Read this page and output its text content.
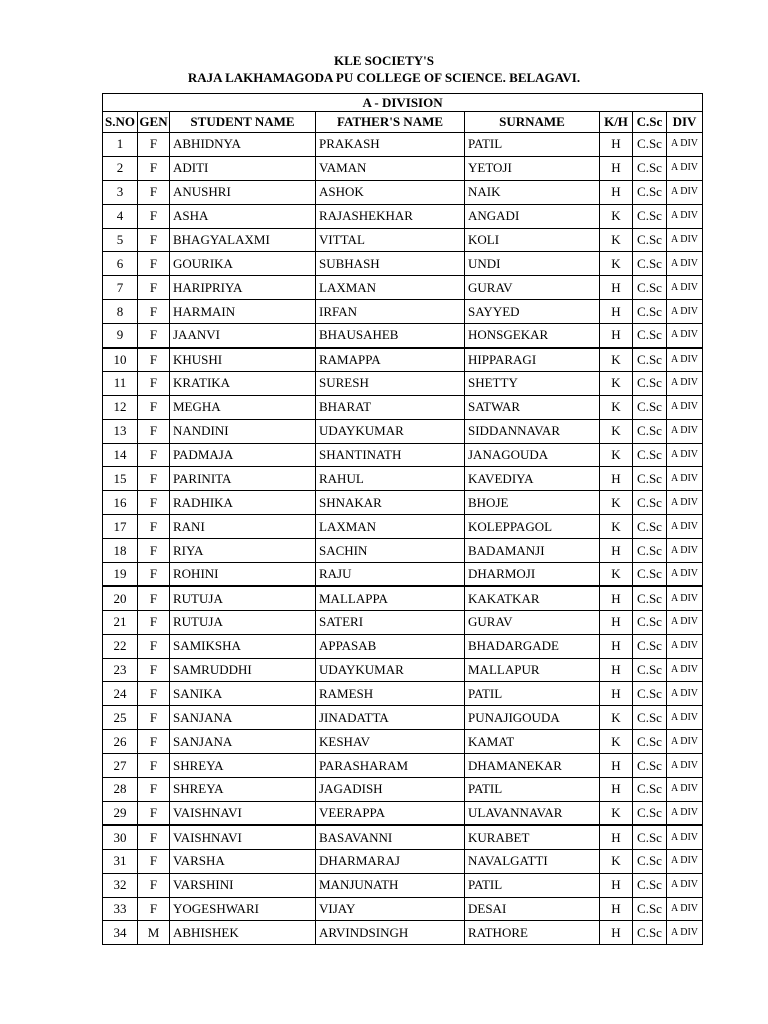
KLE SOCIETY'S
RAJA LAKHAMAGODA PU COLLEGE OF SCIENCE. BELAGAVI.
A - DIVISION							
S.NO	GEN	STUDENT NAME	FATHER'S NAME	SURNAME	K/H	C.Sc	DIV
1	F	ABHIDNYA	PRAKASH	PATIL	H	C.Sc	A DIV
2	F	ADITI	VAMAN	YETOJI	H	C.Sc	A DIV
3	F	ANUSHRI	ASHOK	NAIK	H	C.Sc	A DIV
4	F	ASHA	RAJASHEKHAR	ANGADI	K	C.Sc	A DIV
5	F	BHAGYALAXMI	VITTAL	KOLI	K	C.Sc	A DIV
6	F	GOURIKA	SUBHASH	UNDI	K	C.Sc	A DIV
7	F	HARIPRIYA	LAXMAN	GURAV	H	C.Sc	A DIV
8	F	HARMAIN	IRFAN	SAYYED	H	C.Sc	A DIV
9	F	JAANVI	BHAUSAHEB	HONSGEKAR	H	C.Sc	A DIV
10	F	KHUSHI	RAMAPPA	HIPPARAGI	K	C.Sc	A DIV
11	F	KRATIKA	SURESH	SHETTY	K	C.Sc	A DIV
12	F	MEGHA	BHARAT	SATWAR	K	C.Sc	A DIV
13	F	NANDINI	UDAYKUMAR	SIDDANNAVAR	K	C.Sc	A DIV
14	F	PADMAJA	SHANTINATH	JANAGOUDA	K	C.Sc	A DIV
15	F	PARINITA	RAHUL	KAVEDIYA	H	C.Sc	A DIV
16	F	RADHIKA	SHNAKAR	BHOJE	K	C.Sc	A DIV
17	F	RANI	LAXMAN	KOLEPPAGOL	K	C.Sc	A DIV
18	F	RIYA	SACHIN	BADAMANJI	H	C.Sc	A DIV
19	F	ROHINI	RAJU	DHARMOJI	K	C.Sc	A DIV
20	F	RUTUJA	MALLAPPA	KAKATKAR	H	C.Sc	A DIV
21	F	RUTUJA	SATERI	GURAV	H	C.Sc	A DIV
22	F	SAMIKSHA	APPASAB	BHADARGADE	H	C.Sc	A DIV
23	F	SAMRUDDHI	UDAYKUMAR	MALLAPUR	H	C.Sc	A DIV
24	F	SANIKA	RAMESH	PATIL	H	C.Sc	A DIV
25	F	SANJANA	JINADATTA	PUNAJIGOUDA	K	C.Sc	A DIV
26	F	SANJANA	KESHAV	KAMAT	K	C.Sc	A DIV
27	F	SHREYA	PARASHARAM	DHAMANEKAR	H	C.Sc	A DIV
28	F	SHREYA	JAGADISH	PATIL	H	C.Sc	A DIV
29	F	VAISHNAVI	VEERAPPA	ULAVANNAVAR	K	C.Sc	A DIV
30	F	VAISHNAVI	BASAVANNI	KURABET	H	C.Sc	A DIV
31	F	VARSHA	DHARMARAJ	NAVALGATTI	K	C.Sc	A DIV
32	F	VARSHINI	MANJUNATH	PATIL	H	C.Sc	A DIV
33	F	YOGESHWARI	VIJAY	DESAI	H	C.Sc	A DIV
34	M	ABHISHEK	ARVINDSINGH	RATHORE	H	C.Sc	A DIV
